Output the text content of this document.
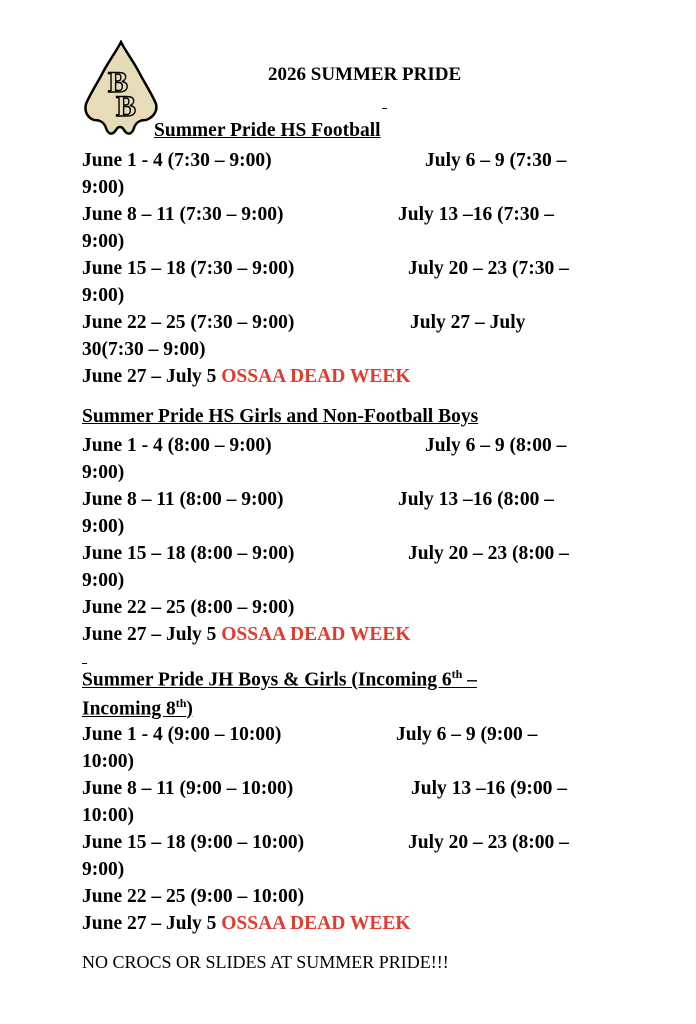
B
B
2026 SUMMER PRIDE
Summer Pride HS Football
June 1 - 4 (7:30 – 9:00)	July 6 – 9 (7:30 –
9:00)
June 8 – 11 (7:30 – 9:00)	July 13 –16 (7:30 –
9:00)
June 15 – 18 (7:30 – 9:00)	July 20 – 23 (7:30 –
9:00)
June 22 – 25 (7:30 – 9:00)	July 27 – July
30(7:30 – 9:00)
June 27 – July 5 OSSAA DEAD WEEK
Summer Pride HS Girls and Non-Football Boys
June 1 - 4 (8:00 – 9:00)	July 6 – 9 (8:00 –
9:00)
June 8 – 11 (8:00 – 9:00)	July 13 –16 (8:00 –
9:00)
June 15 – 18 (8:00 – 9:00)	July 20 – 23 (8:00 –
9:00)
June 22 – 25 (8:00 – 9:00)
June 27 – July 5 OSSAA DEAD WEEK
Summer Pride JH Boys & Girls (Incoming 6th –
Incoming 8th)
June 1 - 4 (9:00 – 10:00)	July 6 – 9 (9:00 –
10:00)
June 8 – 11 (9:00 – 10:00)	July 13 –16 (9:00 –
10:00)
June 15 – 18 (9:00 – 10:00)	July 20 – 23 (8:00 –
9:00)
June 22 – 25 (9:00 – 10:00)
June 27 – July 5 OSSAA DEAD WEEK
NO CROCS OR SLIDES AT SUMMER PRIDE!!!
